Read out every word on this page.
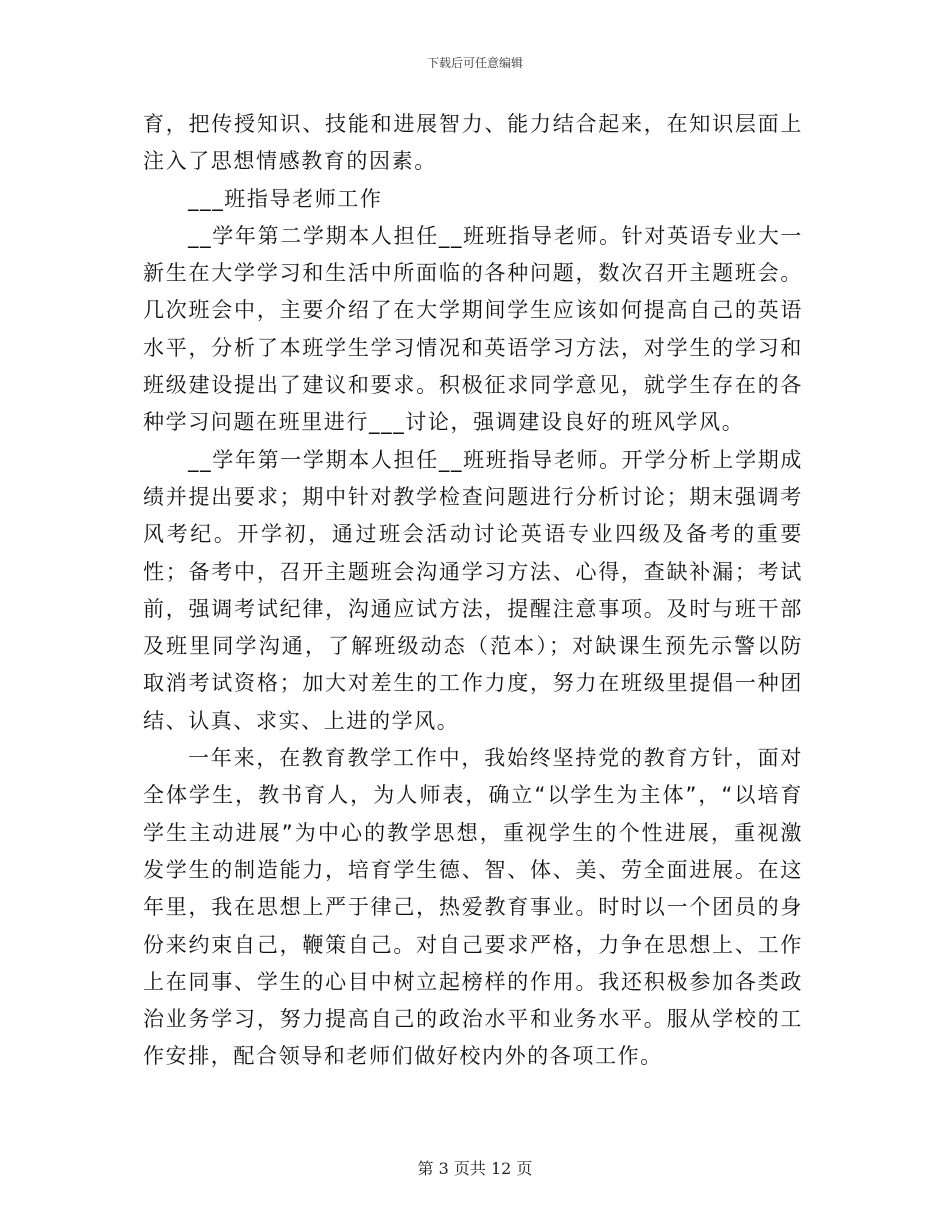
下载后可任意编辑

育，把传授知识、技能和进展智力、能力结合起来，在知识层面上注入了思想情感教育的因素。

___班指导老师工作

__学年第二学期本人担任__班班指导老师。针对英语专业大一新生在大学学习和生活中所面临的各种问题，数次召开主题班会。几次班会中，主要介绍了在大学期间学生应该如何提高自己的英语水平，分析了本班学生学习情况和英语学习方法，对学生的学习和班级建设提出了建议和要求。积极征求同学意见，就学生存在的各种学习问题在班里进行___讨论，强调建设良好的班风学风。

__学年第一学期本人担任__班班指导老师。开学分析上学期成绩并提出要求；期中针对教学检查问题进行分析讨论；期末强调考风考纪。开学初，通过班会活动讨论英语专业四级及备考的重要性；备考中，召开主题班会沟通学习方法、心得，查缺补漏；考试前，强调考试纪律，沟通应试方法，提醒注意事项。及时与班干部及班里同学沟通，了解班级动态（范本）；对缺课生预先示警以防取消考试资格；加大对差生的工作力度，努力在班级里提倡一种团结、认真、求实、上进的学风。

一年来，在教育教学工作中，我始终坚持党的教育方针，面对全体学生，教书育人，为人师表，确立“以学生为主体”，“以培育学生主动进展”为中心的教学思想，重视学生的个性进展，重视激发学生的制造能力，培育学生德、智、体、美、劳全面进展。在这年里，我在思想上严于律己，热爱教育事业。时时以一个团员的身份来约束自己，鞭策自己。对自己要求严格，力争在思想上、工作上在同事、学生的心目中树立起榜样的作用。我还积极参加各类政治业务学习，努力提高自己的政治水平和业务水平。服从学校的工作安排，配合领导和老师们做好校内外的各项工作。

第 3 页共 12 页
